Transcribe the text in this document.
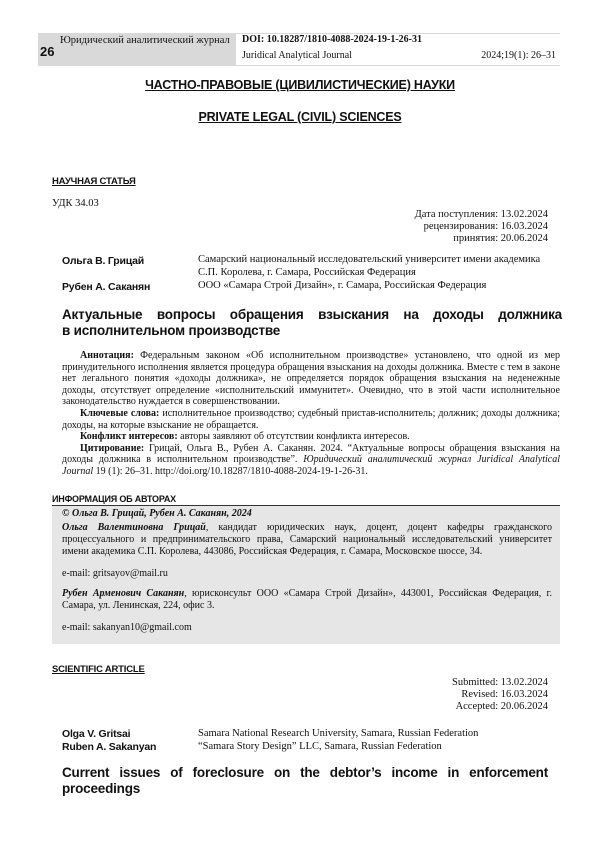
26
Юридический аналитический журнал DOI: 10.18287/1810-4088-2024-19-1-26-31
Juridical Analytical Journal	2024;19(1): 26–31
ЧАСТНО-ПРАВОВЫЕ (ЦИВИЛИСТИЧЕСКИЕ) НАУКИ
PRIVATE LEGAL (CIVIL) SCIENCES
НАУЧНАЯ СТАТЬЯ
УДК 34.03
Дата поступления: 13.02.2024
рецензирования: 16.03.2024
принятия: 20.06.2024
Ольга В. Грицай	Самарский национальный исследовательский университет имени академика С.П. Королева, г. Самара, Российская Федерация
Рубен А. Саканян	ООО «Самара Строй Дизайн», г. Самара, Российская Федерация
Актуальные вопросы обращения взыскания на доходы должника
в исполнительном производстве

Аннотация: Федеральным законом «Об исполнительном производстве» установлено, что одной из мер принудительного исполнения является процедура обращения взыскания на доходы должника. Вместе с тем в законе нет легального понятия «доходы должника», не определяется порядок обращения взыскания на неденежные доходы, отсутствует определение «исполнительский иммунитет». Очевидно, что в этой части исполнительное законодательство нуждается в совершенствовании.

Ключевые слова: исполнительное производство; судебный пристав-исполнитель; должник; доходы должника; доходы, на которые взыскание не обращается.

Конфликт интересов: авторы заявляют об отсутствии конфликта интересов.

Цитирование: Грицай, Ольга В., Рубен А. Саканян. 2024. “Актуальные вопросы обращения взыскания на доходы должника в исполнительном производстве”. Юридический аналитический журнал Juridical Analytical Journal 19 (1): 26–31. http://doi.org/10.18287/1810-4088-2024-19-1-26-31.

ИНФОРМАЦИЯ ОБ АВТОРАХ

© Ольга В. Грицай, Рубен А. Саканян, 2024

Ольга Валентиновна Грицай, кандидат юридических наук, доцент, доцент кафедры гражданского процессуального и предпринимательского права, Самарский национальный исследовательский университет имени академика С.П. Королева, 443086, Российская Федерация, г. Самара, Московское шоссе, 34.

e-mail: gritsayov@mail.ru

Рубен Арменович Саканян, юрисконсульт ООО «Самара Строй Дизайн», 443001, Российская Федерация, г. Самара, ул. Ленинская, 224, офис 3.

e-mail: sakanyan10@gmail.com

SCIENTIFIC ARTICLE
Submitted: 13.02.2024
Revised: 16.03.2024
Accepted: 20.06.2024
Olga V. Gritsai	Samara National Research University, Samara, Russian Federation
Ruben A. Sakanyan	“Samara Story Design” LLC, Samara, Russian Federation
Current issues of foreclosure on the debtor’s income in enforcement
proceedings
